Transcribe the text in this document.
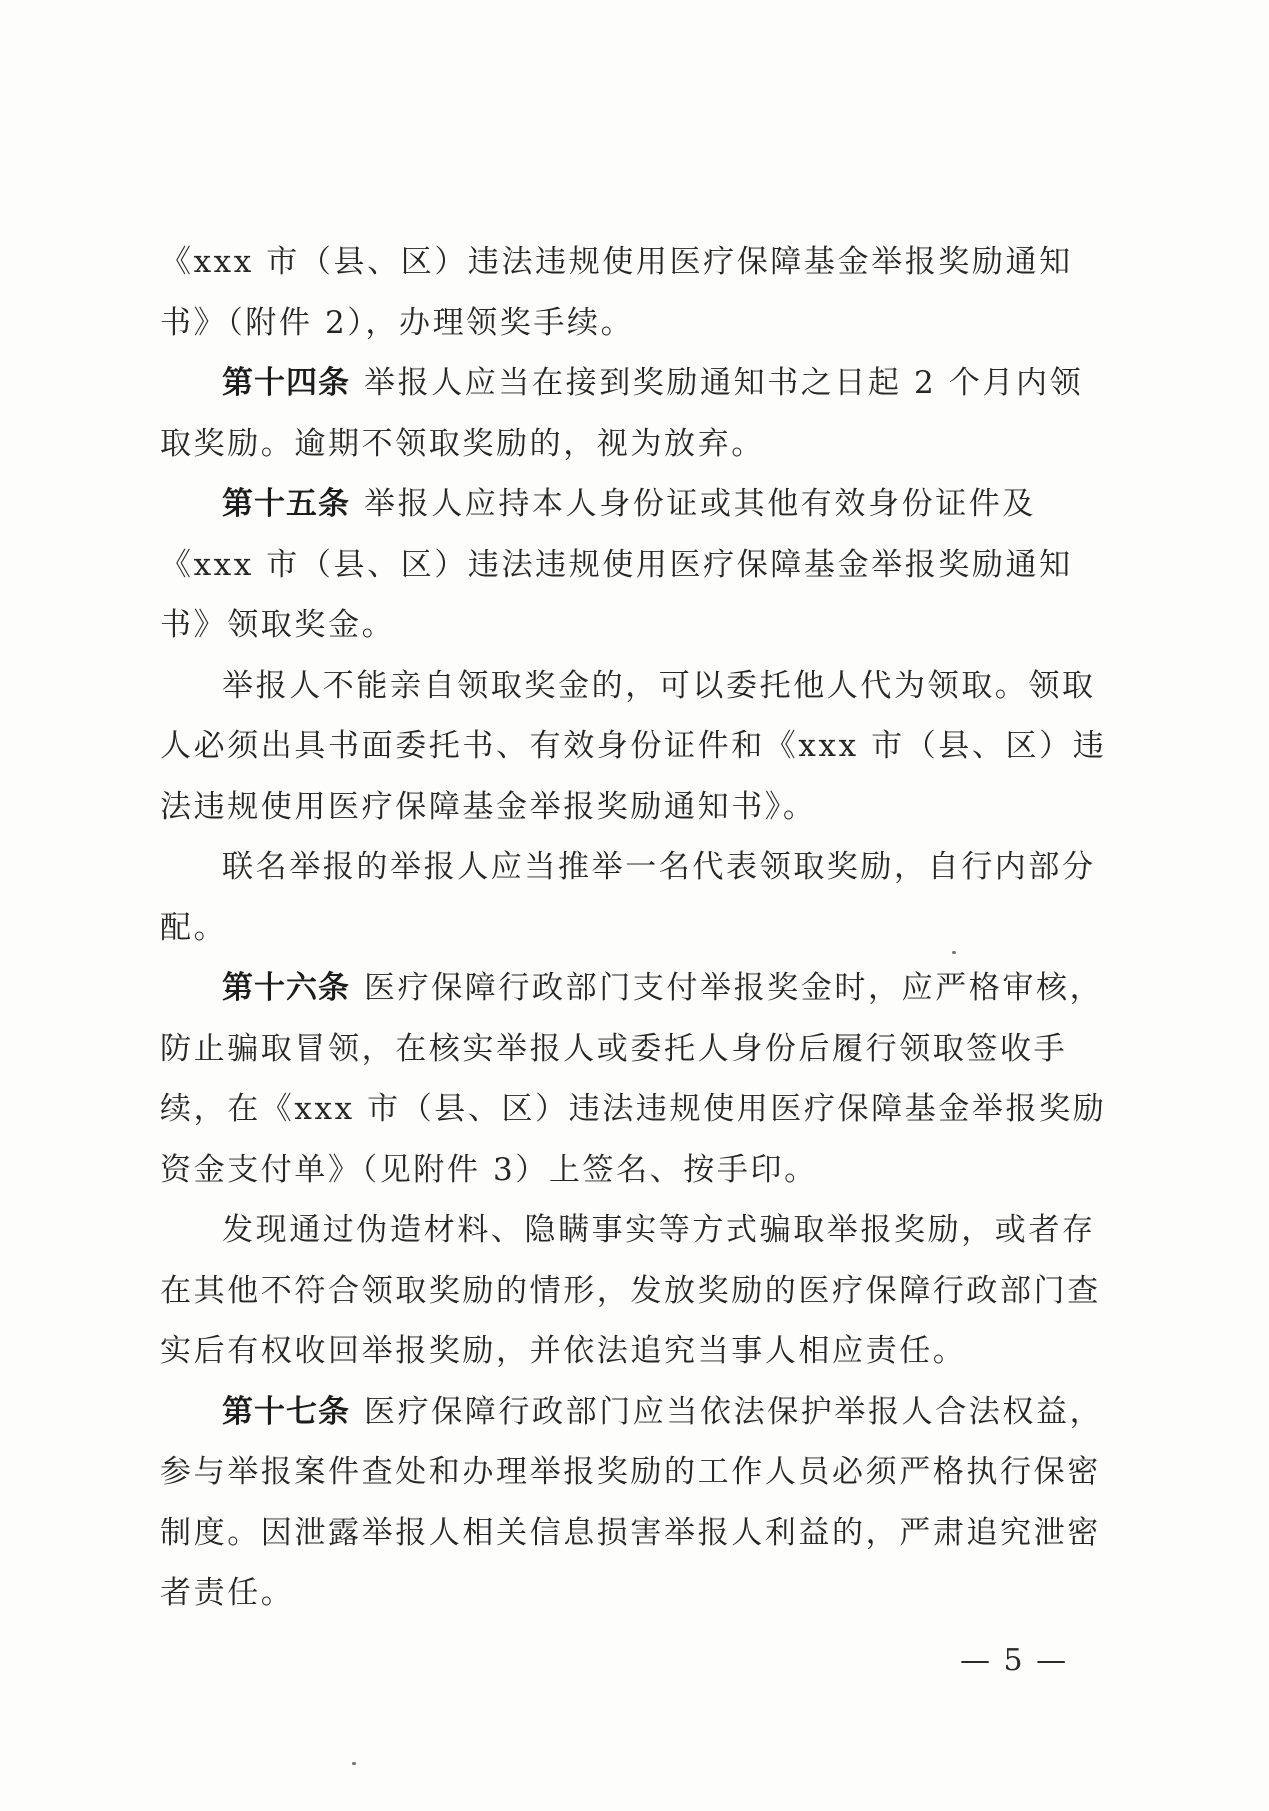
《xxx 市（县、区）违法违规使用医疗保障基金举报奖励通知书》（附件 2），办理领奖手续。

第十四条 举报人应当在接到奖励通知书之日起 2 个月内领取奖励。逾期不领取奖励的，视为放弃。

第十五条 举报人应持本人身份证或其他有效身份证件及《xxx 市（县、区）违法违规使用医疗保障基金举报奖励通知书》领取奖金。

举报人不能亲自领取奖金的，可以委托他人代为领取。领取人必须出具书面委托书、有效身份证件和《xxx 市（县、区）违法违规使用医疗保障基金举报奖励通知书》。

联名举报的举报人应当推举一名代表领取奖励，自行内部分配。

第十六条 医疗保障行政部门支付举报奖金时，应严格审核，防止骗取冒领，在核实举报人或委托人身份后履行领取签收手续，在《xxx 市（县、区）违法违规使用医疗保障基金举报奖励资金支付单》（见附件 3）上签名、按手印。

发现通过伪造材料、隐瞒事实等方式骗取举报奖励，或者存在其他不符合领取奖励的情形，发放奖励的医疗保障行政部门查实后有权收回举报奖励，并依法追究当事人相应责任。

第十七条 医疗保障行政部门应当依法保护举报人合法权益，参与举报案件查处和办理举报奖励的工作人员必须严格执行保密制度。因泄露举报人相关信息损害举报人利益的，严肃追究泄密者责任。

— 5 —
